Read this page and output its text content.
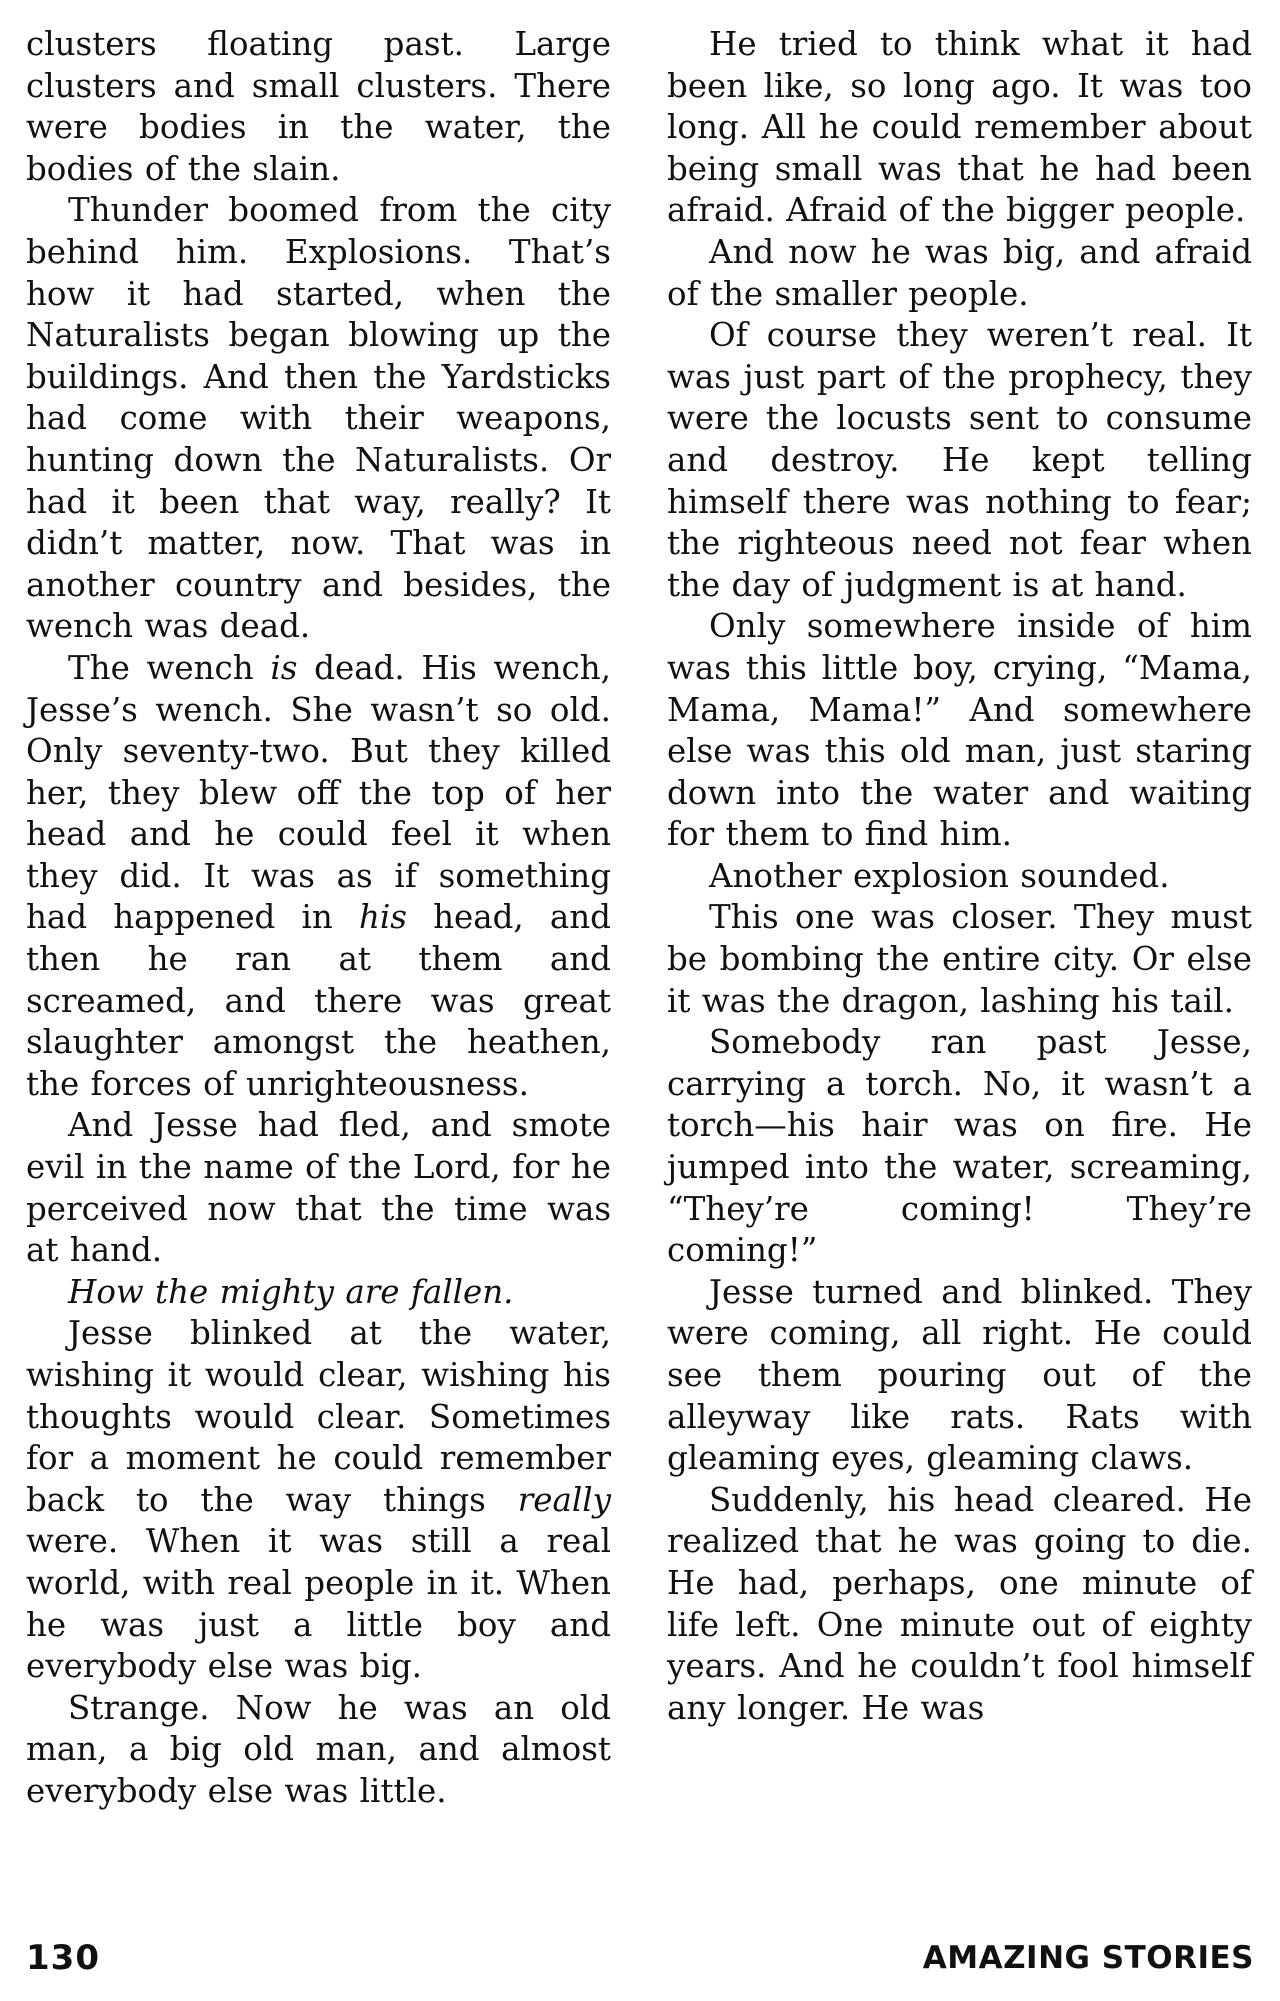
clusters floating past. Large clusters and small clusters. There were bodies in the water, the bodies of the slain.

Thunder boomed from the city behind him. Explosions. That’s how it had started, when the Naturalists began blowing up the buildings. And then the Yardsticks had come with their weapons, hunting down the Naturalists. Or had it been that way, really? It didn’t matter, now. That was in another country and besides, the wench was dead.

The wench is dead. His wench, Jesse’s wench. She wasn’t so old. Only seventy-two. But they killed her, they blew off the top of her head and he could feel it when they did. It was as if something had happened in his head, and then he ran at them and screamed, and there was great slaughter amongst the heathen, the forces of unrighteousness.

And Jesse had fled, and smote evil in the name of the Lord, for he perceived now that the time was at hand.

How the mighty are fallen.

Jesse blinked at the water, wishing it would clear, wishing his thoughts would clear. Sometimes for a moment he could remember back to the way things really were. When it was still a real world, with real people in it. When he was just a little boy and everybody else was big.

Strange. Now he was an old man, a big old man, and almost everybody else was little.

He tried to think what it had been like, so long ago. It was too long. All he could remember about being small was that he had been afraid. Afraid of the bigger people.

And now he was big, and afraid of the smaller people.

Of course they weren’t real. It was just part of the prophecy, they were the locusts sent to consume and destroy. He kept telling himself there was nothing to fear; the righteous need not fear when the day of judgment is at hand.

Only somewhere inside of him was this little boy, crying, “Mama, Mama, Mama!” And somewhere else was this old man, just staring down into the water and waiting for them to find him.

Another explosion sounded.

This one was closer. They must be bombing the entire city. Or else it was the dragon, lashing his tail.

Somebody ran past Jesse, carrying a torch. No, it wasn’t a torch—his hair was on fire. He jumped into the water, screaming, “They’re coming! They’re coming!”

Jesse turned and blinked. They were coming, all right. He could see them pouring out of the alleyway like rats. Rats with gleaming eyes, gleaming claws.

Suddenly, his head cleared. He realized that he was going to die. He had, perhaps, one minute of life left. One minute out of eighty years. And he couldn’t fool himself any longer. He was

130	AMAZING STORIES
